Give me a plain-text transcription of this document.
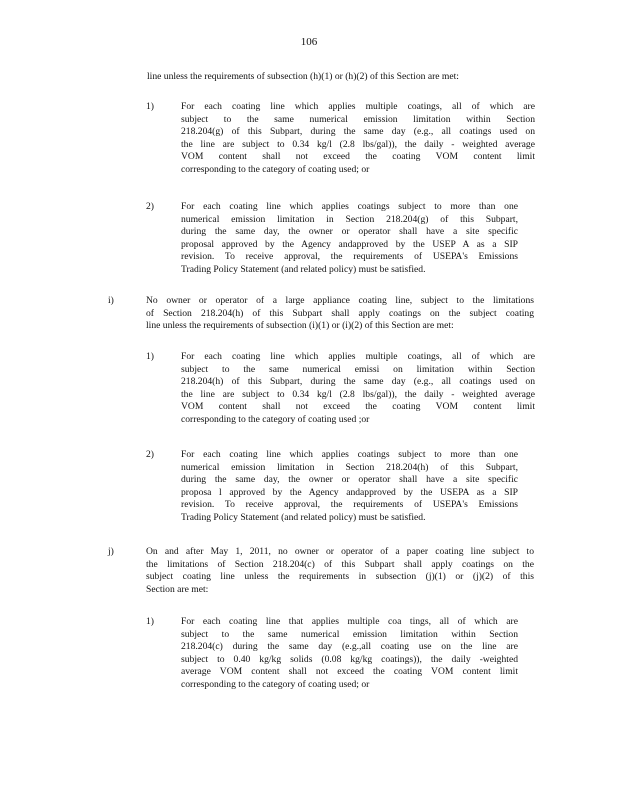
106
line unless the requirements of subsection (h)(1) or (h)(2) of this Section are met:
1)	For each coating line which applies multiple coatings, all of which are
subject to the same numerical emission limitation within Section
218.204(g) of this Subpart, during the same day (e.g., all coatings used on
the line are subject to 0.34 kg/l (2.8 lbs/gal)), the daily - weighted average
VOM content shall not exceed the coating VOM content limit
corresponding to the category of coating used; or
2)	For each coating line which applies coatings subject to more than one
numerical emission limitation in Section 218.204(g) of this Subpart,
during the same day, the owner or operator shall have a site specific
proposal approved by the Agency andapproved by the USEP A as a SIP
revision. To receive approval, the requirements of USEPA's Emissions
Trading Policy Statement (and related policy) must be satisfied.
i)	No owner or operator of a large appliance coating line, subject to the limitations
of Section 218.204(h) of this Subpart shall apply coatings on the subject coating
line unless the requirements of subsection (i)(1) or (i)(2) of this Section are met:
1)	For each coating line which applies multiple coatings, all of which are
subject to the same numerical emissi on limitation within Section
218.204(h) of this Subpart, during the same day (e.g., all coatings used on
the line are subject to 0.34 kg/l (2.8 lbs/gal)), the daily - weighted average
VOM content shall not exceed the coating VOM content limit
corresponding to the category of coating used ;or
2)	For each coating line which applies coatings subject to more than one
numerical emission limitation in Section 218.204(h) of this Subpart,
during the same day, the owner or operator shall have a site specific
proposa l approved by the Agency andapproved by the USEPA as a SIP
revision. To receive approval, the requirements of USEPA's Emissions
Trading Policy Statement (and related policy) must be satisfied.
j)	On and after May 1, 2011, no owner or operator of a paper coating line subject to
the limitations of Section 218.204(c) of this Subpart shall apply coatings on the
subject coating line unless the requirements in subsection (j)(1) or (j)(2) of this
Section are met:
1)	For each coating line that applies multiple coa tings, all of which are
subject to the same numerical emission limitation within Section
218.204(c) during the same day (e.g.,all coating use on the line are
subject to 0.40 kg/kg solids (0.08 kg/kg coatings)), the daily -weighted
average VOM content shall not exceed the coating VOM content limit
corresponding to the category of coating used; or
